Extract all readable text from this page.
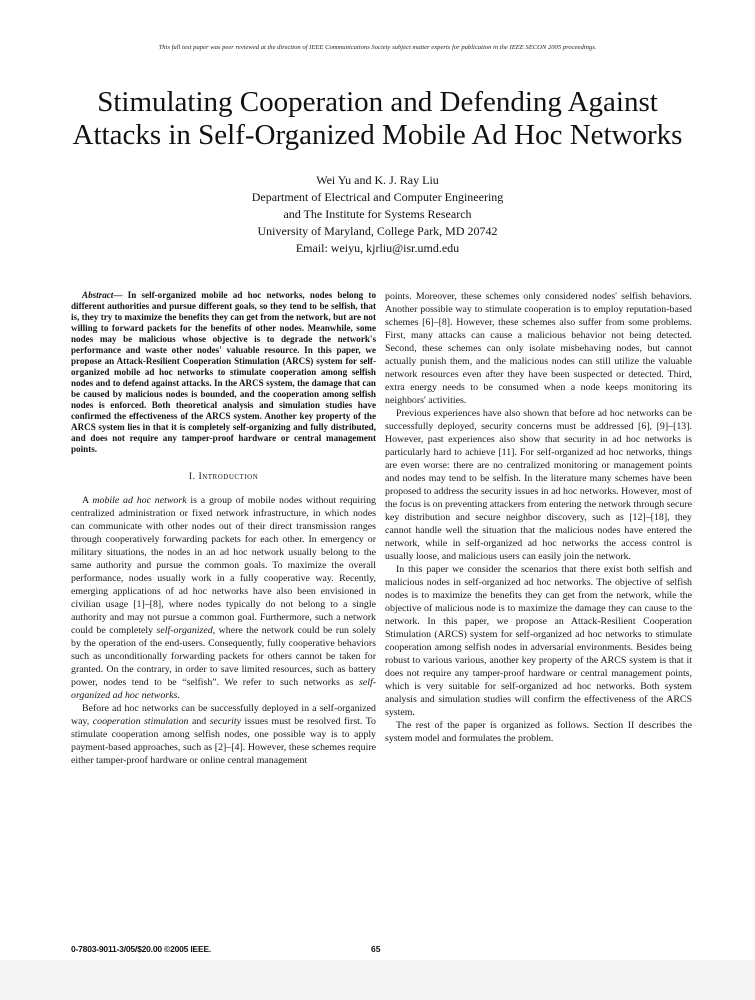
This full text paper was peer reviewed at the direction of IEEE Communications Society subject matter experts for publication in the IEEE SECON 2005 proceedings.
Stimulating Cooperation and Defending Against
Attacks in Self-Organized Mobile Ad Hoc Networks
Wei Yu and K. J. Ray Liu
Department of Electrical and Computer Engineering
and The Institute for Systems Research
University of Maryland, College Park, MD 20742
Email: weiyu, kjrliu@isr.umd.edu

Abstract— In self-organized mobile ad hoc networks, nodes belong to different authorities and pursue different goals, so they tend to be selfish, that is, they try to maximize the benefits they can get from the network, but are not willing to forward packets for the benefits of other nodes. Meanwhile, some nodes may be malicious whose objective is to degrade the network's performance and waste other nodes' valuable resource. In this paper, we propose an Attack-Resilient Cooperation Stimulation (ARCS) system for self-organized mobile ad hoc networks to stimulate cooperation among selfish nodes and to defend against attacks. In the ARCS system, the damage that can be caused by malicious nodes is bounded, and the cooperation among selfish nodes is enforced. Both theoretical analysis and simulation studies have confirmed the effectiveness of the ARCS system. Another key property of the ARCS system lies in that it is completely self-organizing and fully distributed, and does not require any tamper-proof hardware or central management points.

I. Introduction

A mobile ad hoc network is a group of mobile nodes without requiring centralized administration or fixed network infrastructure, in which nodes can communicate with other nodes out of their direct transmission ranges through cooperatively forwarding packets for each other. In emergency or military situations, the nodes in an ad hoc network usually belong to the same authority and pursue the common goals. To maximize the overall performance, nodes usually work in a fully cooperative way. Recently, emerging applications of ad hoc networks have also been envisioned in civilian usage [1]–[8], where nodes typically do not belong to a single authority and may not pursue a common goal. Furthermore, such a network could be completely self-organized, where the network could be run solely by the operation of the end-users. Consequently, fully cooperative behaviors such as unconditionally forwarding packets for others cannot be taken for granted. On the contrary, in order to save limited resources, such as battery power, nodes tend to be “selfish”. We refer to such networks as self-organized ad hoc networks.

Before ad hoc networks can be successfully deployed in a self-organized way, cooperation stimulation and security issues must be resolved first. To stimulate cooperation among selfish nodes, one possible way is to apply payment-based approaches, such as [2]–[4]. However, these schemes require either tamper-proof hardware or online central management

points. Moreover, these schemes only considered nodes' selfish behaviors. Another possible way to stimulate cooperation is to employ reputation-based schemes [6]–[8]. However, these schemes also suffer from some problems. First, many attacks can cause a malicious behavior not being detected. Second, these schemes can only isolate misbehaving nodes, but cannot actually punish them, and the malicious nodes can still utilize the valuable network resources even after they have been suspected or detected. Third, extra energy needs to be consumed when a node keeps monitoring its neighbors' activities.

Previous experiences have also shown that before ad hoc networks can be successfully deployed, security concerns must be addressed [6], [9]–[13]. However, past experiences also show that security in ad hoc networks is particularly hard to achieve [11]. For self-organized ad hoc networks, things are even worse: there are no centralized monitoring or management points and nodes may tend to be selfish. In the literature many schemes have been proposed to address the security issues in ad hoc networks. However, most of the focus is on preventing attackers from entering the network through secure key distribution and secure neighbor discovery, such as [12]–[18], they cannot handle well the situation that the malicious nodes have entered the network, while in self-organized ad hoc networks the access control is usually loose, and malicious users can easily join the network.

In this paper we consider the scenarios that there exist both selfish and malicious nodes in self-organized ad hoc networks. The objective of selfish nodes is to maximize the benefits they can get from the network, while the objective of malicious node is to maximize the damage they can cause to the network. In this paper, we propose an Attack-Resilient Cooperation Stimulation (ARCS) system for self-organized ad hoc networks to stimulate cooperation among selfish nodes in adversarial environments. Besides being robust to various various, another key property of the ARCS system is that it does not require any tamper-proof hardware or central management points, which is very suitable for self-organized ad hoc networks. Both system analysis and simulation studies will confirm the effectiveness of the ARCS system.

The rest of the paper is organized as follows. Section II describes the system model and formulates the problem.

0-7803-9011-3/05/$20.00 ©2005 IEEE.	65
